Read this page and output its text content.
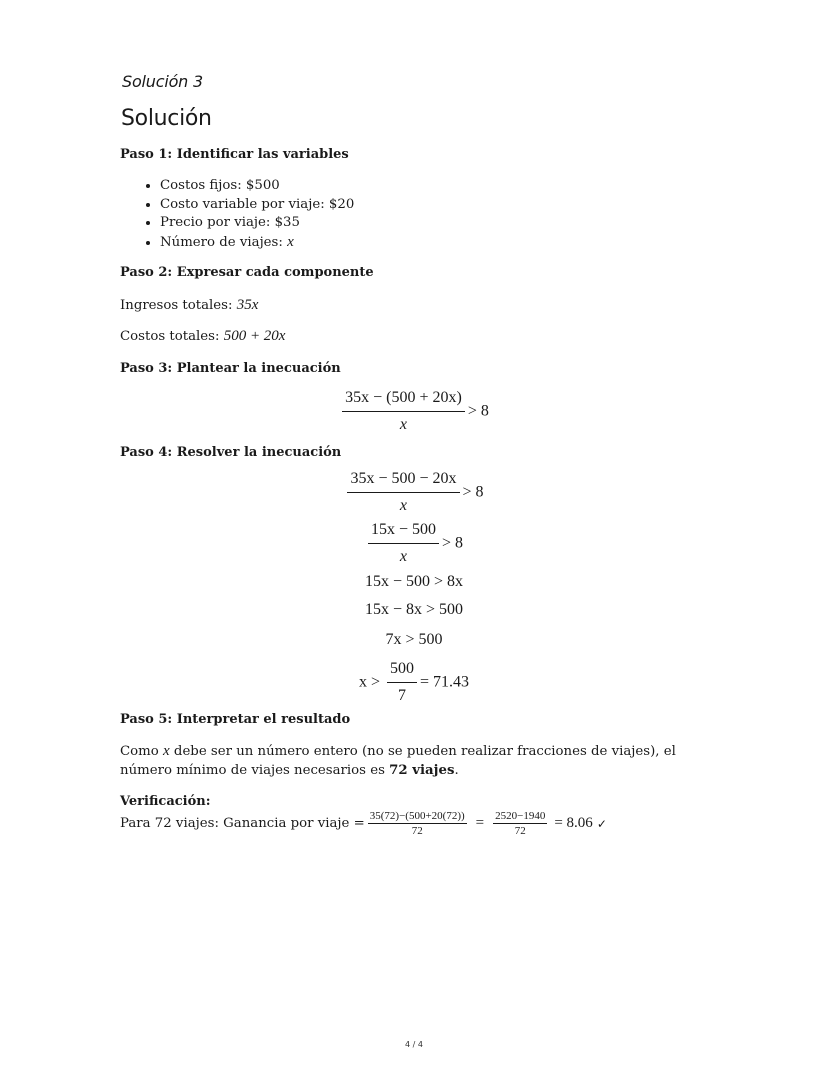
Solución 3
Solución
Paso 1: Identificar las variables
• Costos fijos: $500
• Costo variable por viaje: $20
• Precio por viaje: $35
• Número de viajes: x
Paso 2: Expresar cada componente
Ingresos totales: 35x
Costos totales: 500 + 20x
Paso 3: Plantear la inecuación
$\frac{35x - (500 + 20x)}{x} > 8$
Paso 4: Resolver la inecuación
$\frac{35x - 500 - 20x}{x} > 8$
$\frac{15x - 500}{x} > 8$
15x − 500 > 8x
15x − 8x > 500
7x > 500
$x > \frac{500}{7} = 71.43$
Paso 5: Interpretar el resultado
Como x debe ser un número entero (no se pueden realizar fracciones de viajes), el número mínimo de viajes necesarios es 72 viajes.
Verificación:
Para 72 viajes: Ganancia por viaje = $\frac{35(72)-(500+20(72))}{72} = \frac{2520-1940}{72} = 8.06$ ✓
4 / 4
